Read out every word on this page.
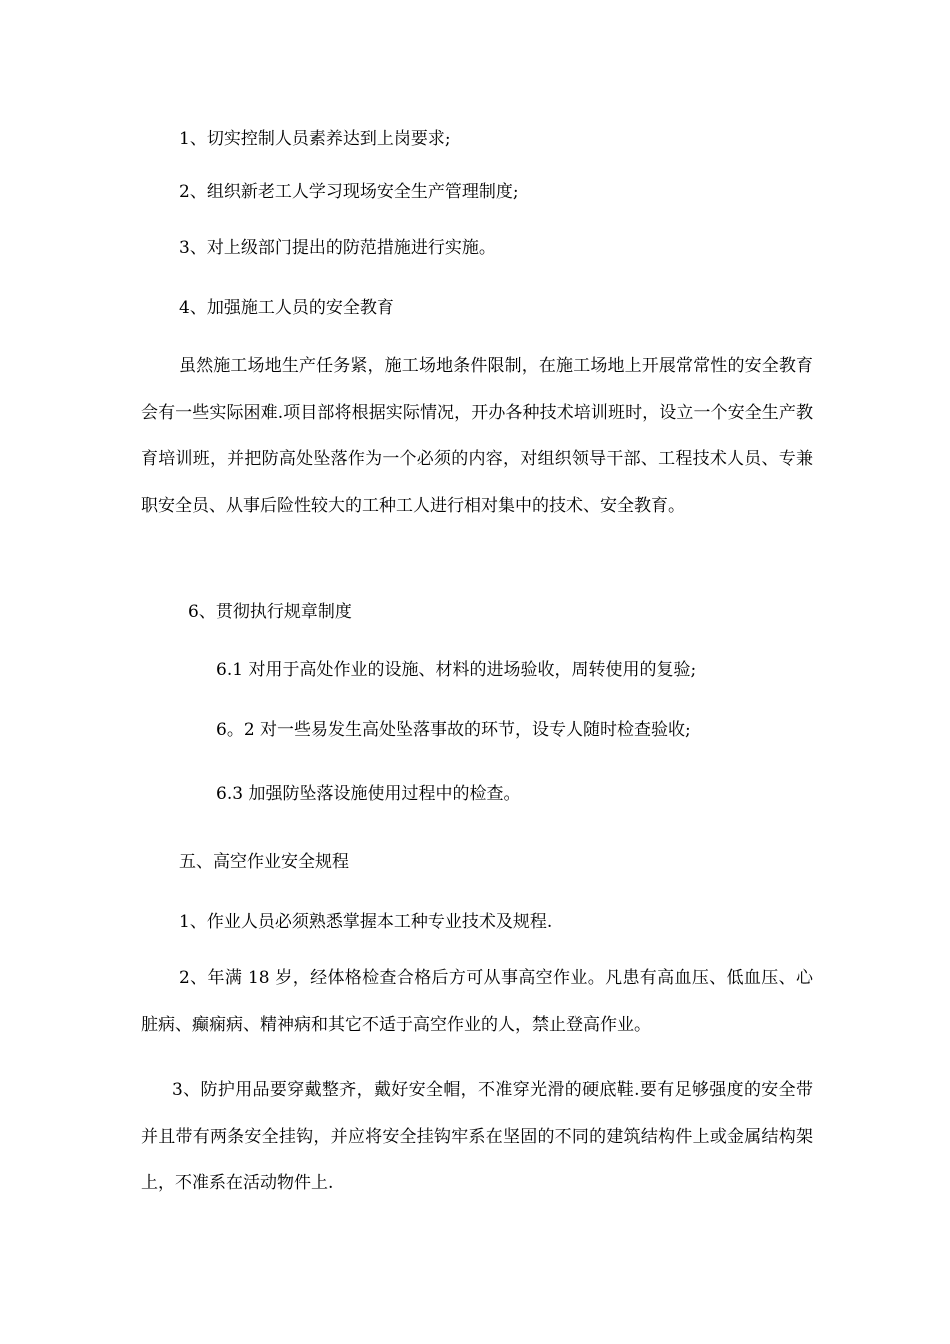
1、切实控制人员素养达到上岗要求;
2、组织新老工人学习现场安全生产管理制度;
3、对上级部门提出的防范措施进行实施。
4、加强施工人员的安全教育
虽然施工场地生产任务紧，施工场地条件限制，在施工场地上开展常常性的安全教育会有一些实际困难.项目部将根据实际情况，开办各种技术培训班时，设立一个安全生产教育培训班，并把防高处坠落作为一个必须的内容，对组织领导干部、工程技术人员、专兼职安全员、从事后险性较大的工种工人进行相对集中的技术、安全教育。
6、贯彻执行规章制度
6.1 对用于高处作业的设施、材料的进场验收，周转使用的复验;
6。2 对一些易发生高处坠落事故的环节，设专人随时检查验收;
6.3 加强防坠落设施使用过程中的检查。
五、高空作业安全规程
1、作业人员必须熟悉掌握本工种专业技术及规程.
2、年满 18 岁，经体格检查合格后方可从事高空作业。凡患有高血压、低血压、心脏病、癫痫病、精神病和其它不适于高空作业的人，禁止登高作业。
3、防护用品要穿戴整齐，戴好安全帽，不准穿光滑的硬底鞋.要有足够强度的安全带并且带有两条安全挂钩，并应将安全挂钩牢系在坚固的不同的建筑结构件上或金属结构架上，不准系在活动物件上.
